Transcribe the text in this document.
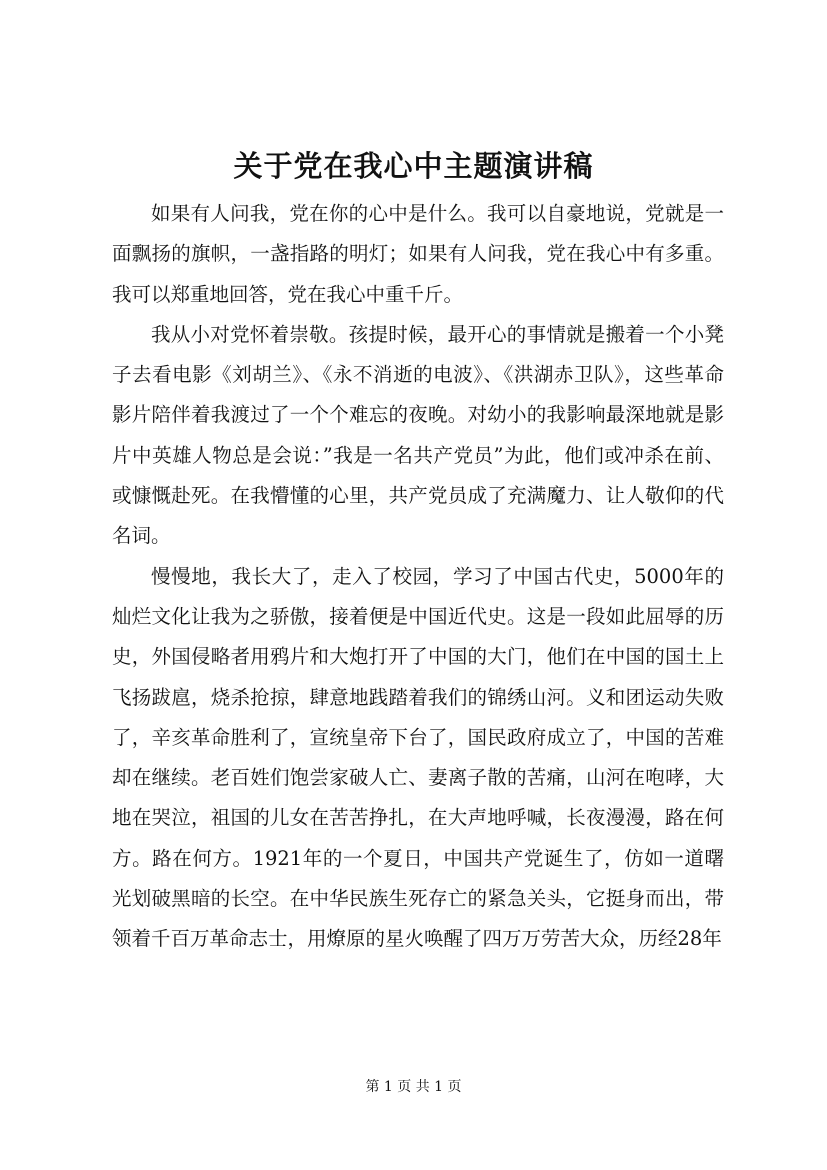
关于党在我心中主题演讲稿

如果有人问我，党在你的心中是什么。我可以自豪地说，党就是一面飘扬的旗帜，一盏指路的明灯；如果有人问我，党在我心中有多重。我可以郑重地回答，党在我心中重千斤。

我从小对党怀着崇敬。孩提时候，最开心的事情就是搬着一个小凳子去看电影《刘胡兰》、《永不消逝的电波》、《洪湖赤卫队》，这些革命影片陪伴着我渡过了一个个难忘的夜晚。对幼小的我影响最深地就是影片中英雄人物总是会说：”我是一名共产党员”为此，他们或冲杀在前、或慷慨赴死。在我懵懂的心里，共产党员成了充满魔力、让人敬仰的代名词。

慢慢地，我长大了，走入了校园，学习了中国古代史，5000年的灿烂文化让我为之骄傲，接着便是中国近代史。这是一段如此屈辱的历史，外国侵略者用鸦片和大炮打开了中国的大门，他们在中国的国土上飞扬跋扈，烧杀抢掠，肆意地践踏着我们的锦绣山河。义和团运动失败了，辛亥革命胜利了，宣统皇帝下台了，国民政府成立了，中国的苦难却在继续。老百姓们饱尝家破人亡、妻离子散的苦痛，山河在咆哮，大地在哭泣，祖国的儿女在苦苦挣扎，在大声地呼喊，长夜漫漫，路在何方。路在何方。1921年的一个夏日，中国共产党诞生了，仿如一道曙光划破黑暗的长空。在中华民族生死存亡的紧急关头，它挺身而出，带领着千百万革命志士，用燎原的星火唤醒了四万万劳苦大众，历经28年

第 1 页 共 1 页
